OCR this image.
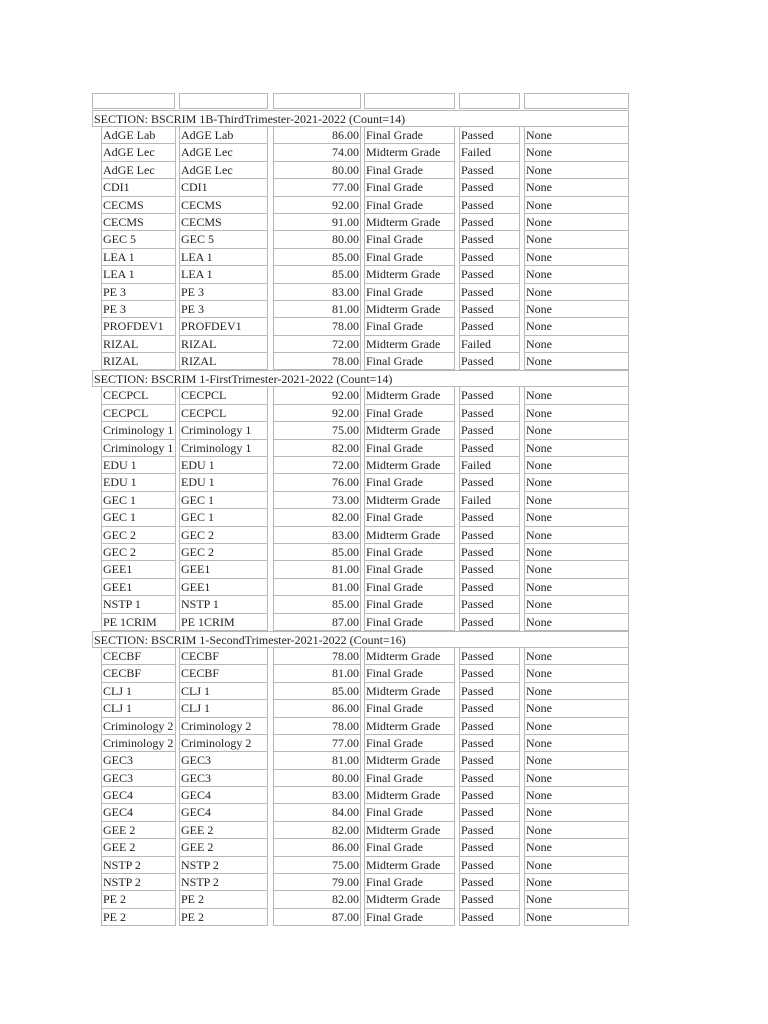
SECTION: BSCRIM 1B-ThirdTrimester-2021-2022 (Count=14)
AdGE Lab	AdGE Lab	86.00 Final Grade	Passed	None
AdGE Lec	AdGE Lec	74.00 Midterm Grade	Failed	None
AdGE Lec	AdGE Lec	80.00 Final Grade	Passed	None
CDI1	CDI1	77.00 Final Grade	Passed	None
CECMS	CECMS	92.00 Final Grade	Passed	None
CECMS	CECMS	91.00 Midterm Grade	Passed	None
GEC 5	GEC 5	80.00 Final Grade	Passed	None
LEA 1	LEA 1	85.00 Final Grade	Passed	None
LEA 1	LEA 1	85.00 Midterm Grade	Passed	None
PE 3	PE 3	83.00 Final Grade	Passed	None
PE 3	PE 3	81.00 Midterm Grade	Passed	None
PROFDEV1	PROFDEV1	78.00 Final Grade	Passed	None
RIZAL	RIZAL	72.00 Midterm Grade	Failed	None
RIZAL	RIZAL	78.00 Final Grade	Passed	None
SECTION: BSCRIM 1-FirstTrimester-2021-2022 (Count=14)
CECPCL	CECPCL	92.00 Midterm Grade	Passed	None
CECPCL	CECPCL	92.00 Final Grade	Passed	None
Criminology 1 Criminology 1	75.00 Midterm Grade	Passed	None
Criminology 1 Criminology 1	82.00 Final Grade	Passed	None
EDU 1	EDU 1	72.00 Midterm Grade	Failed	None
EDU 1	EDU 1	76.00 Final Grade	Passed	None
GEC 1	GEC 1	73.00 Midterm Grade	Failed	None
GEC 1	GEC 1	82.00 Final Grade	Passed	None
GEC 2	GEC 2	83.00 Midterm Grade	Passed	None
GEC 2	GEC 2	85.00 Final Grade	Passed	None
GEE1	GEE1	81.00 Final Grade	Passed	None
GEE1	GEE1	81.00 Final Grade	Passed	None
NSTP 1	NSTP 1	85.00 Final Grade	Passed	None
PE 1CRIM	PE 1CRIM	87.00 Final Grade	Passed	None
SECTION: BSCRIM 1-SecondTrimester-2021-2022 (Count=16)
CECBF	CECBF	78.00 Midterm Grade	Passed	None
CECBF	CECBF	81.00 Final Grade	Passed	None
CLJ 1	CLJ 1	85.00 Midterm Grade	Passed	None
CLJ 1	CLJ 1	86.00 Final Grade	Passed	None
Criminology 2 Criminology 2	78.00 Midterm Grade	Passed	None
Criminology 2 Criminology 2	77.00 Final Grade	Passed	None
GEC3	GEC3	81.00 Midterm Grade	Passed	None
GEC3	GEC3	80.00 Final Grade	Passed	None
GEC4	GEC4	83.00 Midterm Grade	Passed	None
GEC4	GEC4	84.00 Final Grade	Passed	None
GEE 2	GEE 2	82.00 Midterm Grade	Passed	None
GEE 2	GEE 2	86.00 Final Grade	Passed	None
NSTP 2	NSTP 2	75.00 Midterm Grade	Passed	None
NSTP 2	NSTP 2	79.00 Final Grade	Passed	None
PE 2	PE 2	82.00 Midterm Grade	Passed	None
PE 2	PE 2	87.00 Final Grade	Passed	None
